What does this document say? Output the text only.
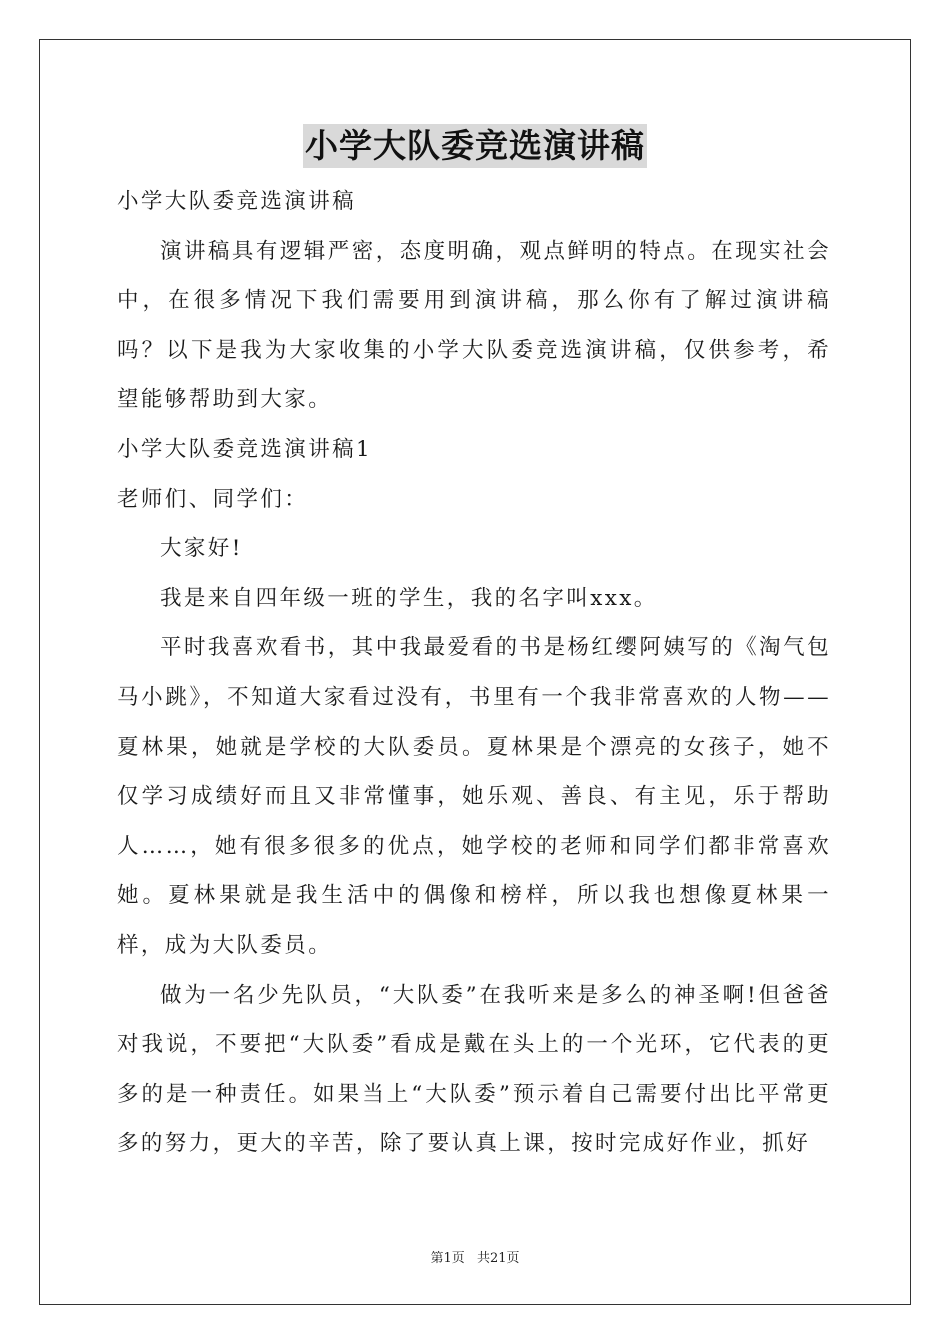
小学大队委竞选演讲稿

小学大队委竞选演讲稿

演讲稿具有逻辑严密，态度明确，观点鲜明的特点。在现实社会中，在很多情况下我们需要用到演讲稿，那么你有了解过演讲稿吗？以下是我为大家收集的小学大队委竞选演讲稿，仅供参考，希望能够帮助到大家。

小学大队委竞选演讲稿1

老师们、同学们：

大家好!

我是来自四年级一班的学生，我的名字叫xxx。

平时我喜欢看书，其中我最爱看的书是杨红缨阿姨写的《淘气包马小跳》，不知道大家看过没有，书里有一个我非常喜欢的人物——夏林果，她就是学校的大队委员。夏林果是个漂亮的女孩子，她不仅学习成绩好而且又非常懂事，她乐观、善良、有主见，乐于帮助人……，她有很多很多的优点，她学校的老师和同学们都非常喜欢她。夏林果就是我生活中的偶像和榜样，所以我也想像夏林果一样，成为大队委员。

做为一名少先队员，“大队委”在我听来是多么的神圣啊!但爸爸对我说，不要把“大队委”看成是戴在头上的一个光环，它代表的更多的是一种责任。如果当上“大队委”预示着自己需要付出比平常更多的努力，更大的辛苦，除了要认真上课，按时完成好作业，抓好

第1页 共21页
